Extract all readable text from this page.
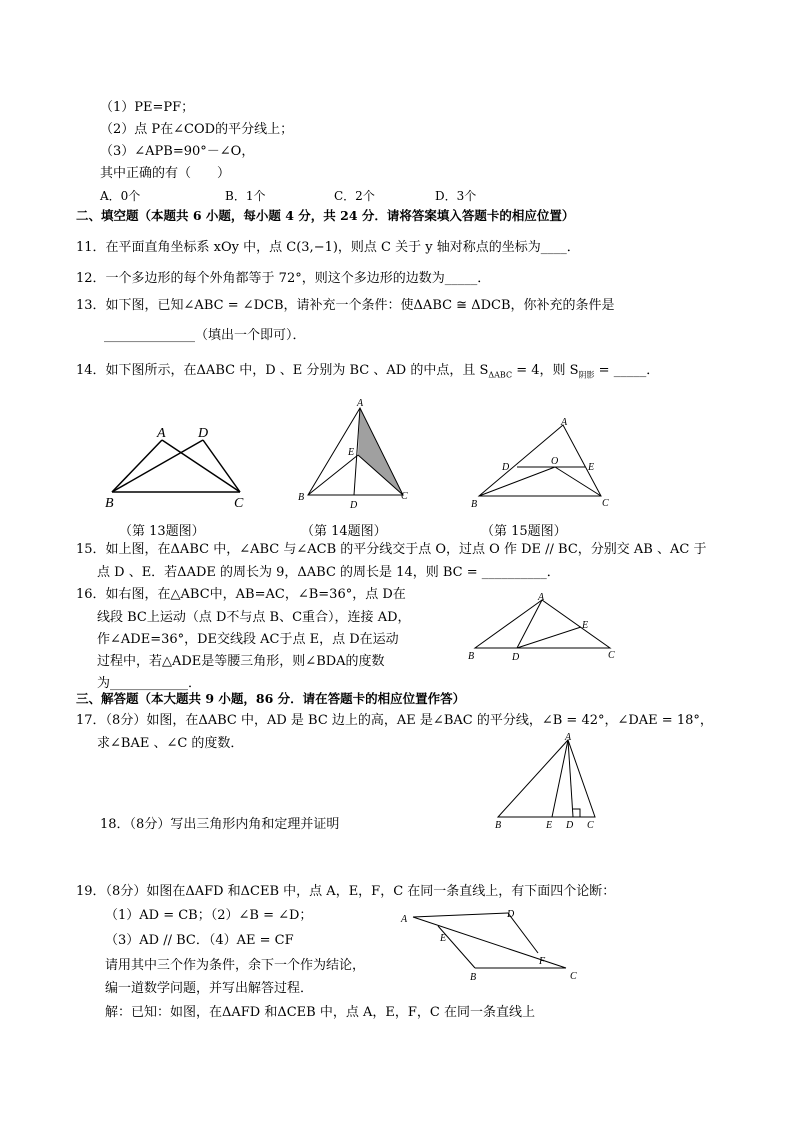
（1）PE=PF；
（2）点 P在∠COD的平分线上；
（3）∠APB=90°－∠O，
其中正确的有（　　）
A．0个	B．1个	C．2个	D．3个
二、填空题（本题共 6 小题，每小题 4 分，共 24 分．请将答案填入答题卡的相应位置）
11．在平面直角坐标系 xOy 中，点 C(3,−1)，则点 C 关于 y 轴对称点的坐标为____．
12．一个多边形的每个外角都等于 72°，则这个多边形的边数为_____．
13．如下图，已知∠ABC = ∠DCB，请补充一个条件：使ΔABC ≅ ΔDCB，你补充的条件是
______________（填出一个即可）．
14．如下图所示，在ΔABC 中，D 、E 分别为 BC 、AD 的中点，且 $S_{\Delta ABC} = 4$，则 $S_{阴影}$ = _____．
A D
B	C
（第 13题图）
A
E
B
D
C
（第 14题图）
A
D
O
E
B	C
（第 15题图）
15．如上图，在ΔABC 中，∠ABC 与∠ACB 的平分线交于点 O，过点 O 作 DE // BC，分别交 AB 、AC 于
点 D 、E．若ΔADE 的周长为 9，ΔABC 的周长是 14，则 BC = __________．
16．如右图，在△ABC中，AB=AC，∠B=36°，点 D在
线段 BC上运动（点 D不与点 B、C重合），连接 AD，
作∠ADE=36°，DE交线段 AC于点 E，点 D在运动
过程中，若△ADE是等腰三角形，则∠BDA的度数
为____________．
A
E
B	D	C
三、解答题（本大题共 9 小题，86 分．请在答题卡的相应位置作答）
17．（8分）如图，在ΔABC 中，AD 是 BC 边上的高，AE 是∠BAC 的平分线，∠B = 42°，∠DAE = 18°，
求∠BAE 、∠C 的度数．	A
B	E D C
18．（8分）写出三角形内角和定理并证明
19．（8分）如图在ΔAFD 和ΔCEB 中，点 A，E，F，C 在同一条直线上，有下面四个论断：
（1）AD = CB；（2）∠B = ∠D；
（3）AD // BC．（4）AE = CF
请用其中三个作为条件，余下一个作为结论，
编一道数学问题，并写出解答过程．
解：已知：如图，在ΔAFD 和ΔCEB 中，点 A，E，F，C 在同一条直线上
A	D
E
F
B	C
